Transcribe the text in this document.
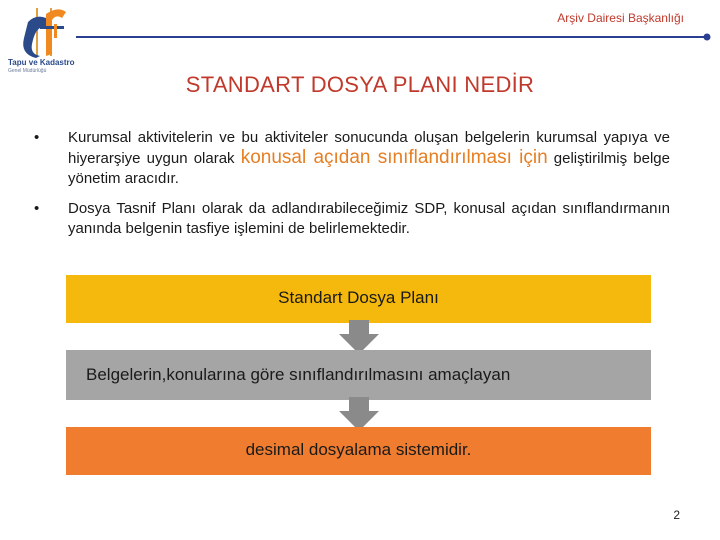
Tapu ve Kadastro
Genel Müdürlüğü
Arşiv Dairesi Başkanlığı
STANDART DOSYA PLANI NEDİR
• Kurumsal aktivitelerin ve bu aktiviteler sonucunda oluşan belgelerin kurumsal yapıya ve hiyerarşiye uygun olarak konusal açıdan sınıflandırılması için geliştirilmiş belge yönetim aracıdır.
• Dosya Tasnif Planı olarak da adlandırabileceğimiz SDP, konusal açıdan sınıflandırmanın yanında belgenin tasfiye işlemini de belirlemektedir.
Standart Dosya Planı
Belgelerin,konularına göre sınıflandırılmasını amaçlayan
desimal dosyalama sistemidir.
2
